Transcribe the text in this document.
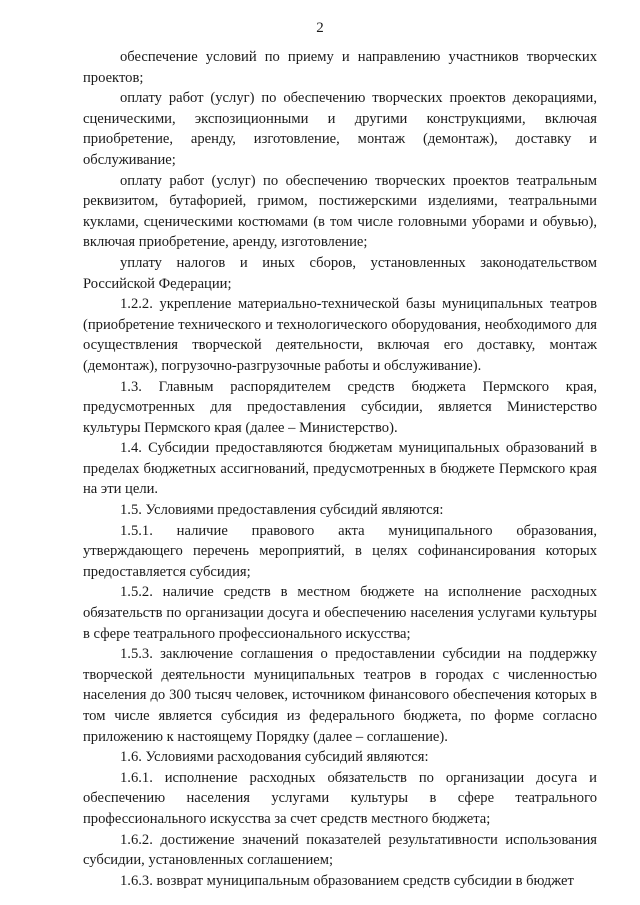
2

обеспечение условий по приему и направлению участников творческих проектов;

оплату работ (услуг) по обеспечению творческих проектов декорациями, сценическими, экспозиционными и другими конструкциями, включая приобретение, аренду, изготовление, монтаж (демонтаж), доставку и обслуживание;

оплату работ (услуг) по обеспечению творческих проектов театральным реквизитом, бутафорией, гримом, постижерскими изделиями, театральными куклами, сценическими костюмами (в том числе головными уборами и обувью), включая приобретение, аренду, изготовление;

уплату налогов и иных сборов, установленных законодательством Российской Федерации;

1.2.2. укрепление материально-технической базы муниципальных театров (приобретение технического и технологического оборудования, необходимого для осуществления творческой деятельности, включая его доставку, монтаж (демонтаж), погрузочно-разгрузочные работы и обслуживание).

1.3. Главным распорядителем средств бюджета Пермского края, предусмотренных для предоставления субсидии, является Министерство культуры Пермского края (далее – Министерство).

1.4. Субсидии предоставляются бюджетам муниципальных образований в пределах бюджетных ассигнований, предусмотренных в бюджете Пермского края на эти цели.

1.5. Условиями предоставления субсидий являются:

1.5.1. наличие правового акта муниципального образования, утверждающего перечень мероприятий, в целях софинансирования которых предоставляется субсидия;

1.5.2. наличие средств в местном бюджете на исполнение расходных обязательств по организации досуга и обеспечению населения услугами культуры в сфере театрального профессионального искусства;

1.5.3. заключение соглашения о предоставлении субсидии на поддержку творческой деятельности муниципальных театров в городах с численностью населения до 300 тысяч человек, источником финансового обеспечения которых в том числе является субсидия из федерального бюджета, по форме согласно приложению к настоящему Порядку (далее – соглашение).

1.6. Условиями расходования субсидий являются:

1.6.1. исполнение расходных обязательств по организации досуга и обеспечению населения услугами культуры в сфере театрального профессионального искусства за счет средств местного бюджета;

1.6.2. достижение значений показателей результативности использования субсидии, установленных соглашением;

1.6.3. возврат муниципальным образованием средств субсидии в бюджет
